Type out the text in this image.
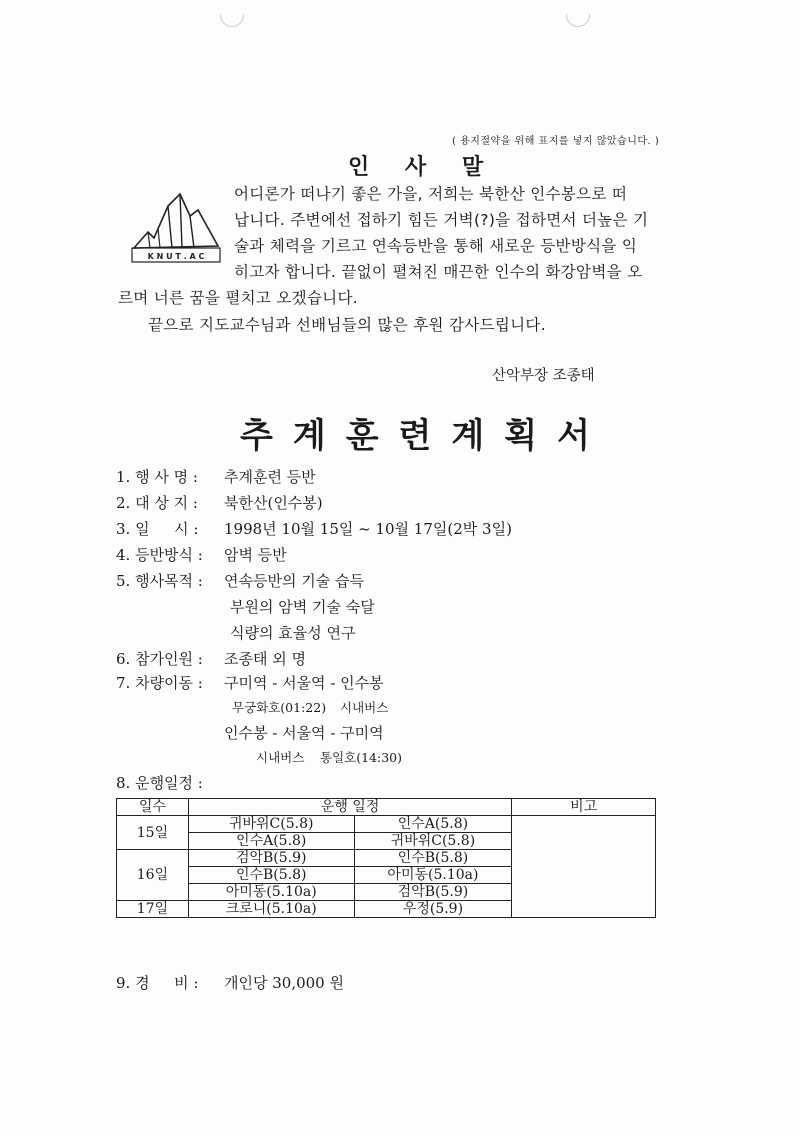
( 용지절약을 위해 표지를 넣지 않았습니다. )
인 사 말
K N U T . A C
어디론가 떠나기 좋은 가을, 저희는 북한산 인수봉으로 떠
납니다. 주변에선 접하기 힘든 거벽(?)을 접하면서 더높은 기
술과 체력을 기르고 연속등반을 통해 새로운 등반방식을 익
히고자 합니다. 끝없이 펼쳐진 매끈한 인수의 화강암벽을 오
르며 너른 꿈을 펼치고 오겠습니다.
끝으로 지도교수님과 선배님들의 많은 후원 감사드립니다.
산악부장 조종태
추계훈련계획서
1. 행 사 명 : 추계훈련 등반
2. 대 상 지 : 북한산(인수봉)
3. 일 　 시 : 1998년 10월 15일 ~ 10월 17일(2박 3일)
4. 등반방식 : 암벽 등반
5. 행사목적 : 연속등반의 기술 습득
부원의 암벽 기술 숙달
식량의 효율성 연구
6. 참가인원 : 조종태 외 명
7. 차량이동 : 구미역 - 서울역 - 인수봉
무궁화호(01:22) 시내버스
인수봉 - 서울역 - 구미역
시내버스 통일호(14:30)
8. 운행일정 :
일수	운행 일정		비고
15일	귀바위C(5.8)	인수A(5.8)	
	인수A(5.8)	귀바위C(5.8)	
16일	검악B(5.9)	인수B(5.8)	
	인수B(5.8)	아미동(5.10a)	
	아미동(5.10a)	검악B(5.9)	
17일	크로니(5.10a)	우정(5.9)	
9. 경 　 비 : 개인당 30,000 원
